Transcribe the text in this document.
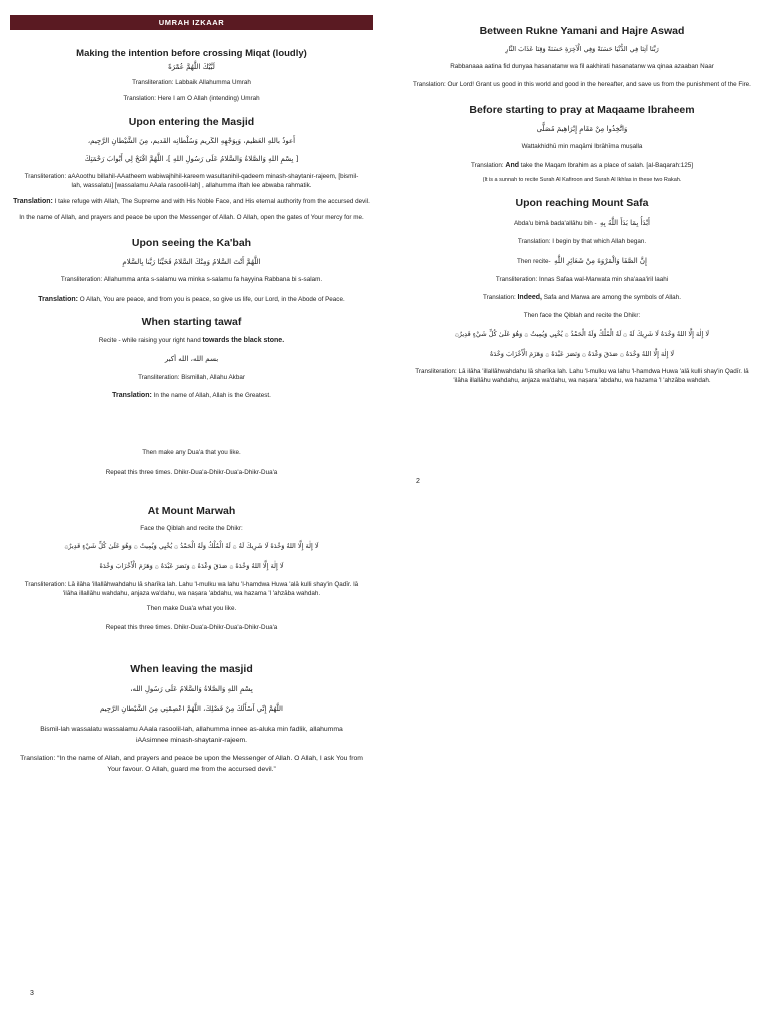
UMRAH IZKAAR
Making the intention before crossing Miqat (loudly)

لَبَّيْكَ اللَّهُمَّ عُمْرَةً

Transliteration: Labbaik Allahumma Umrah

Translation: Here I am O Allah (intending) Umrah

Upon entering the Masjid

أَعوذُ باللهِ العَظيم، وَبِوَجْهِهِ الكَريم وَسُلْطانِه القَديم، مِنَ الشَّيْطانِ الرَّجِيم،

[ بِسْمِ اللهِ وَالصَّلاةُ وَالسَّلامُ عَلَى رَسُولِ اللهِ ]، اللَّهُمَّ افْتَحْ لِي أَبْوابَ رَحْمَتِكَ

Transliteration: aAAoothu billahil-AAatheem wabiwajhihil-kareem wasultanihil-qadeem minash-shaytanir-rajeem, [bismil-lah, wassalatu] [wassalamu AAala rasoolil-lah] , allahumma iftah lee abwaba rahmatik.

Translation: I take refuge with Allah, The Supreme and with His Noble Face, and His eternal authority from the accursed devil. In the name of Allah, and prayers and peace be upon the Messenger of Allah. O Allah, open the gates of Your mercy for me.

Upon seeing the Ka'bah

اللَّهُمَّ أَنْتَ السَّلامُ وَمِنْكَ السَّلامُ فَحَيِّنَا رَبَّنا بِالسَّلامِ

Transliteration: Allahumma anta s-salamu wa minka s-salamu fa hayyina Rabbana bi s-salam.

Translation: O Allah, You are peace, and from you is peace, so give us life, our Lord, in the Abode of Peace.

When starting tawaf

Recite - while raising your right hand towards the black stone.

بسم الله، الله أكبر

Transliteration: Bismillah, Allahu Akbar

Translation: In the name of Allah, Allah is the Greatest.

Then make any Dua'a that you like.

Repeat this three times. Dhikr-Dua'a-Dhikr-Dua'a-Dhikr-Dua'a

At Mount Marwah

Face the Qiblah and recite the Dhikr:

لَا إِلٰهَ إِلَّا اللهُ وَحْدَهُ لَا شَرِيكَ لَهُ ۞ لَهُ الْمُلْكُ وَلَهُ الْحَمْدُ ۞ يُحْيِي وَيُمِيتُ ۞ وَهُوَ عَلَىٰ كُلِّ شَيْءٍ قَدِيرٌ۞

لَا إِلٰهَ إِلَّا اللهُ وَحْدَهُ ۞ صَدَقَ وَعْدَهُ ۞ وَنَصَرَ عَبْدَهُ ۞ وَهَزَمَ الْأَحْزَابَ وَحْدَهُ

Transliteration: Lā ilāha 'illallāhwahdahu lā sharīka lah. Lahu 'l-mulku wa lahu 'l-hamdwa Huwa 'alā kulli shay'in Qadīr. lā 'ilāha illallāhu wahdahu, anjaza wa'dahu, wa naṣara 'abdahu, wa hazama 'l 'ahzāba wahdah.

Then make Dua'a what you like.

Repeat this three times. Dhikr-Dua'a-Dhikr-Dua'a-Dhikr-Dua'a

When leaving the masjid

بِسْمِ اللهِ وَالصَّلاةُ وَالسَّلامُ عَلَى رَسُولِ الله،

اللَّهُمَّ إِنِّي أَسْأَلُكَ مِنْ فَضْلِكَ، اللَّهُمَّ اعْصِمْنِي مِنَ الشَّيْطانِ الرَّجِيم

Bismil-lah wassalatu wassalamu AAala rasoolil-lah, allahumma innee as-aluka min fadlik, allahumma iAAsimnee minash-shaytanir-rajeem.

Translation: “In the name of Allah, and prayers and peace be upon the Messenger of Allah. O Allah, I ask You from Your favour. O Allah, guard me from the accursed devil.”

3
Between Rukne Yamani and Hajre Aswad

رَبَّنَا آتِنَا فِي الدُّنْيَا حَسَنَةً وَفِي الْآخِرَةِ حَسَنَةً وَقِنَا عَذَابَ النَّارِ

Rabbanaaa aatina fid dunyaa hasanatanw wa fil aakhirati hasanatanw wa qinaa azaaban Naar

Translation: Our Lord! Grant us good in this world and good in the hereafter, and save us from the punishment of the Fire.

Before starting to pray at Maqaame Ibraheem

وَاتَّخِذُوا مِنْ مَقَامِ إِبْرَاهِيمَ مُصَلًّى

Wattakhidhū min maqāmi Ibrāhīma muṣalla

Translation: And take the Maqam Ibrahim as a place of salah. [al-Baqarah:125]

(It is a sunnah to recite Surah Al Kafiroon and Surah Al Ikhlas in these two Rakah.

Upon reaching Mount Safa

Abda'u bimā bada'allāhu bih - أَبْدَأُ بِمَا بَدَأَ اللَّهُ بِهِ

Translation: I begin by that which Allah began.

Then recite- إِنَّ الصَّفَا وَالْمَرْوَةَ مِنْ شَعَائِرِ اللَّهِ

Transliteration: Innas Safaa wal-Marwata min sha'aaa'iril laahi

Translation: Indeed, Safa and Marwa are among the symbols of Allah.

Then face the Qiblah and recite the Dhikr:

لَا إِلٰهَ إِلَّا اللهُ وَحْدَهُ لَا شَرِيكَ لَهُ ۞ لَهُ الْمُلْكُ وَلَهُ الْحَمْدُ ۞ يُحْيِي وَيُمِيتُ ۞ وَهُوَ عَلَىٰ كُلِّ شَيْءٍ قَدِيرٌ۞

لَا إِلٰهَ إِلَّا اللهُ وَحْدَهُ ۞ صَدَقَ وَعْدَهُ ۞ وَنَصَرَ عَبْدَهُ ۞ وَهَزَمَ الْأَحْزَابَ وَحْدَهُ

Transliteration: Lā ilāha 'illallāhwahdahu lā sharīka lah. Lahu 'l-mulku wa lahu 'l-hamdwa Huwa 'alā kulli shay'in Qadīr. lā 'ilāha illallāhu wahdahu, anjaza wa'dahu, wa naṣara 'abdahu, wa hazama 'l 'ahzāba wahdah.

2
